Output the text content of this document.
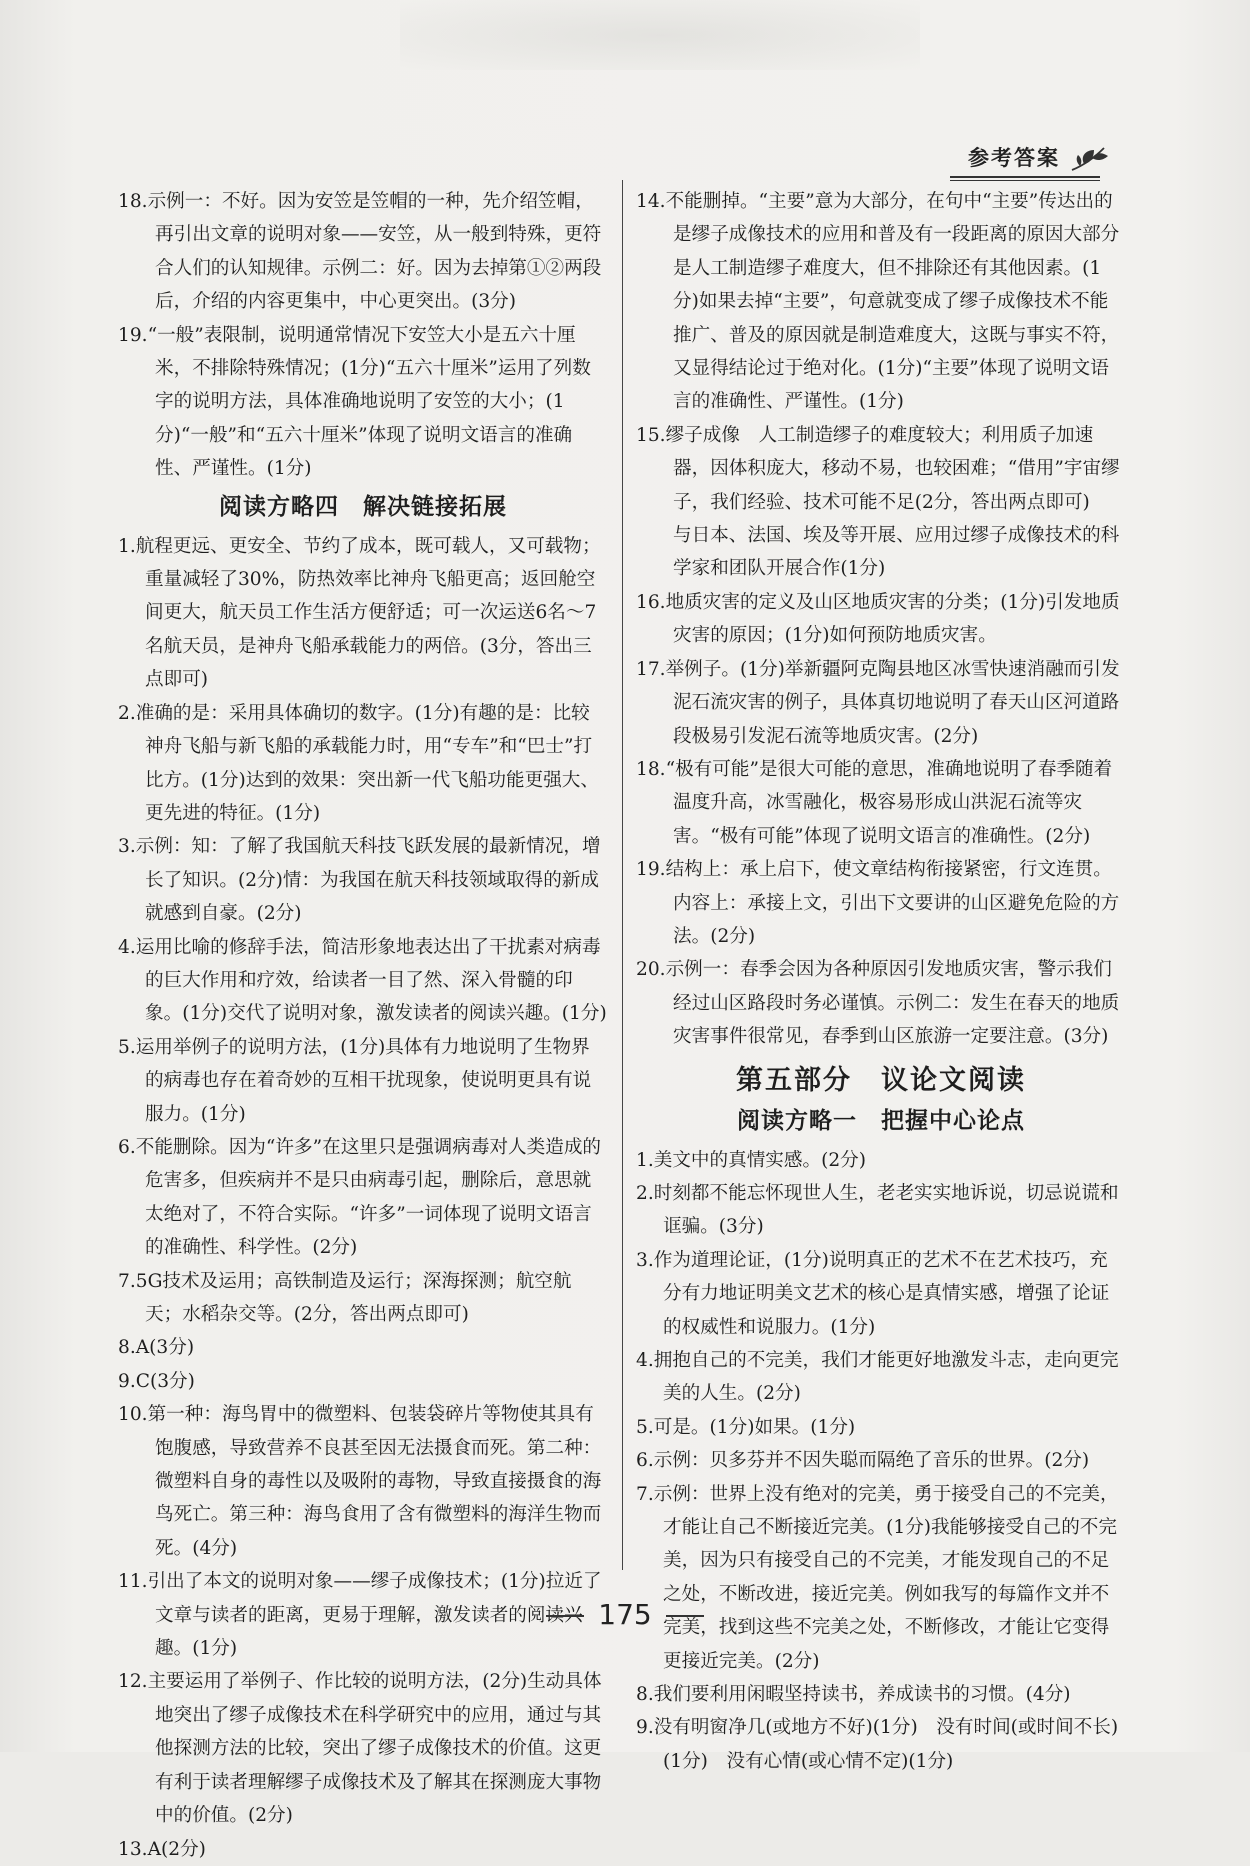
参考答案

18.示例一：不好。因为安笠是笠帽的一种，先介绍笠帽，再引出文章的说明对象——安笠，从一般到特殊，更符合人们的认知规律。示例二：好。因为去掉第①②两段后，介绍的内容更集中，中心更突出。(3分)

19.“一般”表限制，说明通常情况下安笠大小是五六十厘米，不排除特殊情况；(1分)“五六十厘米”运用了列数字的说明方法，具体准确地说明了安笠的大小；(1分)“一般”和“五六十厘米”体现了说明文语言的准确性、严谨性。(1分)

阅读方略四　解决链接拓展

1.航程更远、更安全、节约了成本，既可载人，又可载物；重量减轻了30%，防热效率比神舟飞船更高；返回舱空间更大，航天员工作生活方便舒适；可一次运送6名～7名航天员，是神舟飞船承载能力的两倍。(3分，答出三点即可)

2.准确的是：采用具体确切的数字。(1分)有趣的是：比较神舟飞船与新飞船的承载能力时，用“专车”和“巴士”打比方。(1分)达到的效果：突出新一代飞船功能更强大、更先进的特征。(1分)

3.示例：知：了解了我国航天科技飞跃发展的最新情况，增长了知识。(2分)情：为我国在航天科技领域取得的新成就感到自豪。(2分)

4.运用比喻的修辞手法，简洁形象地表达出了干扰素对病毒的巨大作用和疗效，给读者一目了然、深入骨髓的印象。(1分)交代了说明对象，激发读者的阅读兴趣。(1分)

5.运用举例子的说明方法，(1分)具体有力地说明了生物界的病毒也存在着奇妙的互相干扰现象，使说明更具有说服力。(1分)

6.不能删除。因为“许多”在这里只是强调病毒对人类造成的危害多，但疾病并不是只由病毒引起，删除后，意思就太绝对了，不符合实际。“许多”一词体现了说明文语言的准确性、科学性。(2分)

7.5G技术及运用；高铁制造及运行；深海探测；航空航天；水稻杂交等。(2分，答出两点即可)

8.A(3分)

9.C(3分)

10.第一种：海鸟胃中的微塑料、包装袋碎片等物使其具有饱腹感，导致营养不良甚至因无法摄食而死。第二种：微塑料自身的毒性以及吸附的毒物，导致直接摄食的海鸟死亡。第三种：海鸟食用了含有微塑料的海洋生物而死。(4分)

11.引出了本文的说明对象——缪子成像技术；(1分)拉近了文章与读者的距离，更易于理解，激发读者的阅读兴趣。(1分)

12.主要运用了举例子、作比较的说明方法，(2分)生动具体地突出了缪子成像技术在科学研究中的应用，通过与其他探测方法的比较，突出了缪子成像技术的价值。这更有利于读者理解缪子成像技术及了解其在探测庞大事物中的价值。(2分)

13.A(2分)

14.不能删掉。“主要”意为大部分，在句中“主要”传达出的是缪子成像技术的应用和普及有一段距离的原因大部分是人工制造缪子难度大，但不排除还有其他因素。(1分)如果去掉“主要”，句意就变成了缪子成像技术不能推广、普及的原因就是制造难度大，这既与事实不符，又显得结论过于绝对化。(1分)“主要”体现了说明文语言的准确性、严谨性。(1分)

15.缪子成像　人工制造缪子的难度较大；利用质子加速器，因体积庞大，移动不易，也较困难；“借用”宇宙缪子，我们经验、技术可能不足(2分，答出两点即可)　与日本、法国、埃及等开展、应用过缪子成像技术的科学家和团队开展合作(1分)

16.地质灾害的定义及山区地质灾害的分类；(1分)引发地质灾害的原因；(1分)如何预防地质灾害。

17.举例子。(1分)举新疆阿克陶县地区冰雪快速消融而引发泥石流灾害的例子，具体真切地说明了春天山区河道路段极易引发泥石流等地质灾害。(2分)

18.“极有可能”是很大可能的意思，准确地说明了春季随着温度升高，冰雪融化，极容易形成山洪泥石流等灾害。“极有可能”体现了说明文语言的准确性。(2分)

19.结构上：承上启下，使文章结构衔接紧密，行文连贯。内容上：承接上文，引出下文要讲的山区避免危险的方法。(2分)

20.示例一：春季会因为各种原因引发地质灾害，警示我们经过山区路段时务必谨慎。示例二：发生在春天的地质灾害事件很常见，春季到山区旅游一定要注意。(3分)

第五部分　议论文阅读
阅读方略一　把握中心论点

1.美文中的真情实感。(2分)

2.时刻都不能忘怀现世人生，老老实实地诉说，切忌说谎和诓骗。(3分)

3.作为道理论证，(1分)说明真正的艺术不在艺术技巧，充分有力地证明美文艺术的核心是真情实感，增强了论证的权威性和说服力。(1分)

4.拥抱自己的不完美，我们才能更好地激发斗志，走向更完美的人生。(2分)

5.可是。(1分)如果。(1分)

6.示例：贝多芬并不因失聪而隔绝了音乐的世界。(2分)

7.示例：世界上没有绝对的完美，勇于接受自己的不完美，才能让自己不断接近完美。(1分)我能够接受自己的不完美，因为只有接受自己的不完美，才能发现自己的不足之处，不断改进，接近完美。例如我写的每篇作文并不完美，找到这些不完美之处，不断修改，才能让它变得更接近完美。(2分)

8.我们要利用闲暇坚持读书，养成读书的习惯。(4分)

9.没有明窗净几(或地方不好)(1分)　没有时间(或时间不长)(1分)　没有心情(或心情不定)(1分)

175
